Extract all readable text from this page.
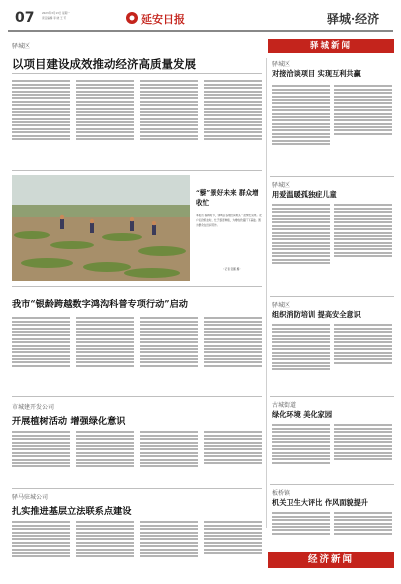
07	2023年3月13日 星期一
责任编辑 李 晓 王 芳	延安日报	驿城·经济
驿城新闻
驿城区
以项目建设成效推动经济高质量发展	驿城区
对接洽谈项目 实现互利共赢
驿城区
用爱温暖孤独症儿童
“藜”景好未来 群众增收忙
本报讯 春耕时节，驿城区各地田间地头一派繁忙景象。农户们抢抓农时，忙于藜麦种植，为增收致富打下基础。图为群众在田间劳作。
（记者 张鹏 摄）
我市“银龄跨越数字鸿沟科普专项行动”启动	驿城区
组织消防培训 提高安全意识
古城街道
绿化环境 美化家园
市城建开发公司
开展植树活动 增强绿化意识
驿马驻城公司
扎实推进基层立法联系点建设
板桥镇
机关卫生大评比 作风面貌提升
经济新闻
